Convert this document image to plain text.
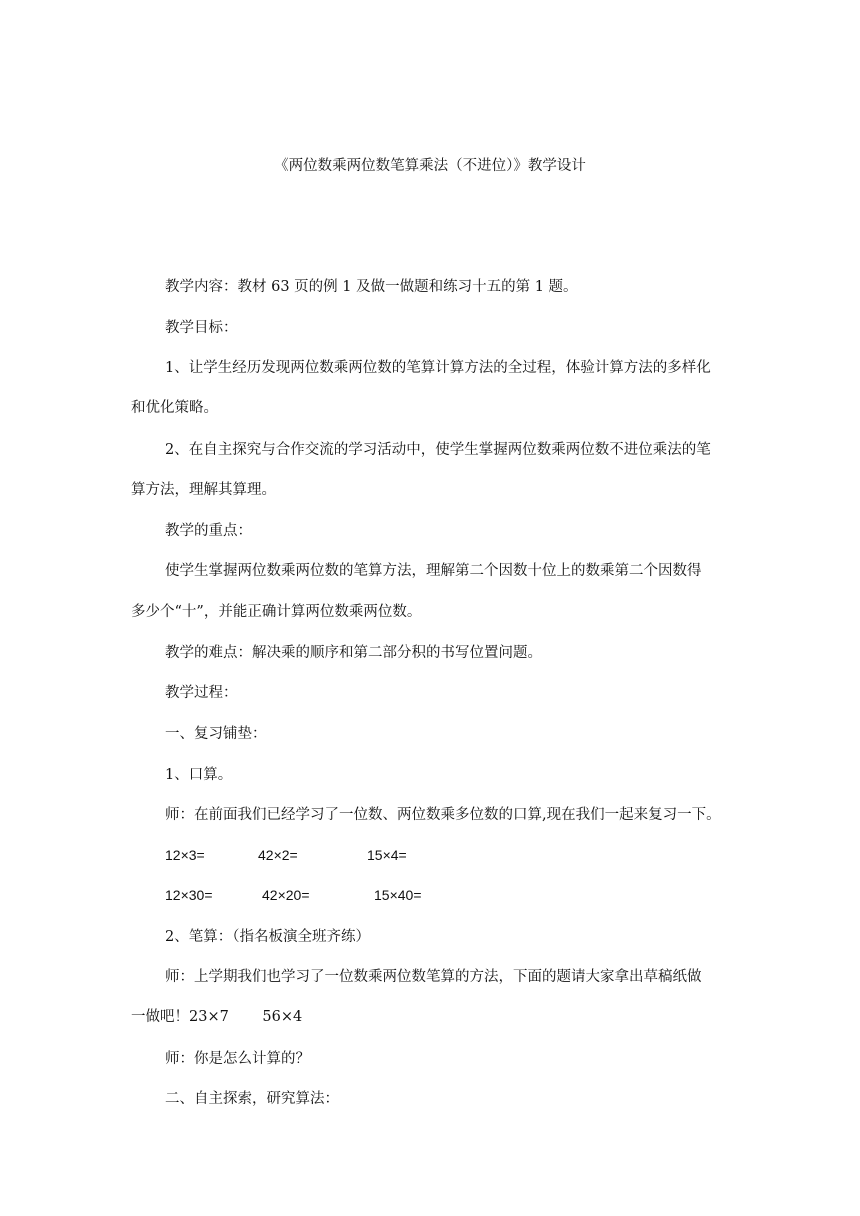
《两位数乘两位数笔算乘法（不进位）》教学设计
教学内容：教材 63 页的例 1 及做一做题和练习十五的第 1 题。
教学目标：
1、让学生经历发现两位数乘两位数的笔算计算方法的全过程，体验计算方法的多样化
和优化策略。
2、在自主探究与合作交流的学习活动中，使学生掌握两位数乘两位数不进位乘法的笔
算方法，理解其算理。
教学的重点：
使学生掌握两位数乘两位数的笔算方法，理解第二个因数十位上的数乘第二个因数得
多少个“十”，并能正确计算两位数乘两位数。
教学的难点：解决乘的顺序和第二部分积的书写位置问题。
教学过程：
一、复习铺垫：
1、口算。
师：在前面我们已经学习了一位数、两位数乘多位数的口算,现在我们一起来复习一下。
12×3=	42×2=	15×4=
12×30=	42×20=	15×40=
2、笔算：（指名板演全班齐练）
师：上学期我们也学习了一位数乘两位数笔算的方法，下面的题请大家拿出草稿纸做
一做吧！23×7 　　56×4
师：你是怎么计算的？
二、自主探索，研究算法：
